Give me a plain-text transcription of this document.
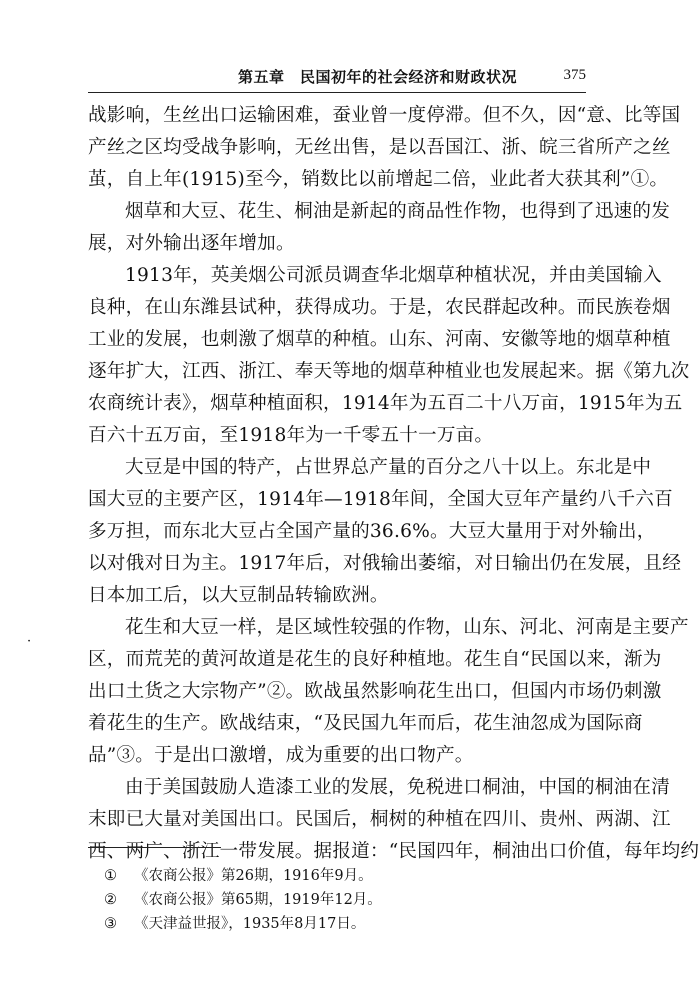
第五章　民国初年的社会经济和财政状况	375
战影响，生丝出口运输困难，蚕业曾一度停滞。但不久，因“意、比等国
产丝之区均受战争影响，无丝出售，是以吾国江、浙、皖三省所产之丝
茧，自上年(1915)至今，销数比以前增起二倍，业此者大获其利”①。
烟草和大豆、花生、桐油是新起的商品性作物，也得到了迅速的发
展，对外输出逐年增加。
1913年，英美烟公司派员调查华北烟草种植状况，并由美国输入
良种，在山东潍县试种，获得成功。于是，农民群起改种。而民族卷烟
工业的发展，也刺激了烟草的种植。山东、河南、安徽等地的烟草种植
逐年扩大，江西、浙江、奉天等地的烟草种植业也发展起来。据《第九次
农商统计表》，烟草种植面积，1914年为五百二十八万亩，1915年为五
百六十五万亩，至1918年为一千零五十一万亩。
大豆是中国的特产，占世界总产量的百分之八十以上。东北是中
国大豆的主要产区，1914年—1918年间，全国大豆年产量约八千六百
多万担，而东北大豆占全国产量的36.6%。大豆大量用于对外输出，
以对俄对日为主。1917年后，对俄输出萎缩，对日输出仍在发展，且经
日本加工后，以大豆制品转输欧洲。
花生和大豆一样，是区域性较强的作物，山东、河北、河南是主要产
区，而荒芜的黄河故道是花生的良好种植地。花生自“民国以来，渐为
出口土货之大宗物产”②。欧战虽然影响花生出口，但国内市场仍刺激
着花生的生产。欧战结束，“及民国九年而后，花生油忽成为国际商
品”③。于是出口激增，成为重要的出口物产。
由于美国鼓励人造漆工业的发展，免税进口桐油，中国的桐油在清
末即已大量对美国出口。民国后，桐树的种植在四川、贵州、两湖、江
西、两广、浙江一带发展。据报道：“民国四年，桐油出口价值，每年均约
·
① 《农商公报》第26期，1916年9月。
② 《农商公报》第65期，1919年12月。
③ 《天津益世报》，1935年8月17日。
